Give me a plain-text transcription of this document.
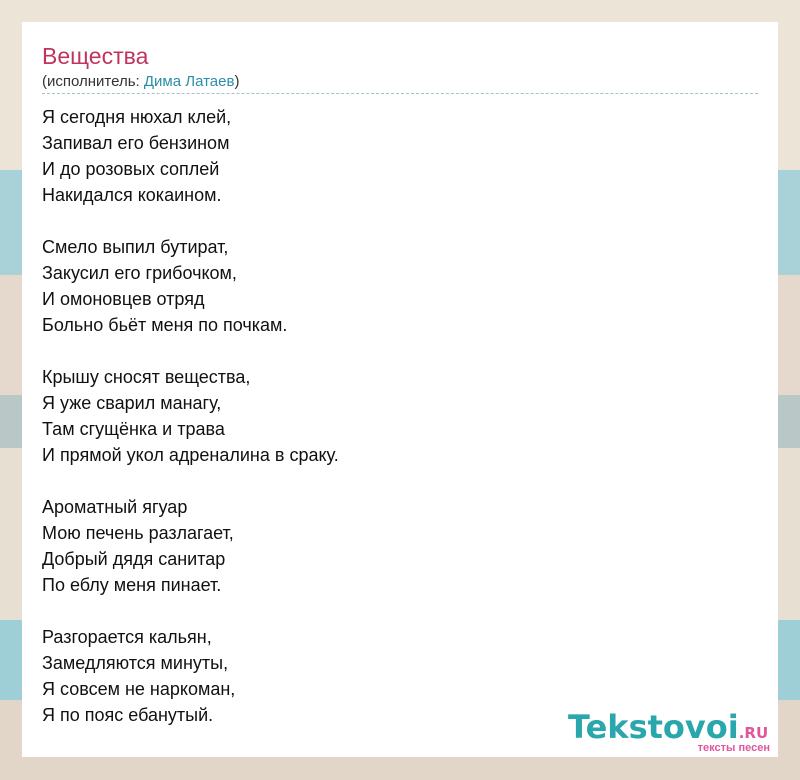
Вещества
(исполнитель: Дима Латаев)
Я сегодня нюхал клей,
Запивал его бензином
И до розовых соплей
Накидался кокаином.
Смело выпил бутират,
Закусил его грибочком,
И омоновцев отряд
Больно бьёт меня по почкам.
Крышу сносят вещества,
Я уже сварил манагу,
Там сгущёнка и трава
И прямой укол адреналина в сраку.
Ароматный ягуар
Мою печень разлагает,
Добрый дядя санитар
По еблу меня пинает.
Разгорается кальян,
Замедляются минуты,
Я совсем не наркоман,
Я по пояс ебанутый.	Tekstovoi.RU
тексты песен
